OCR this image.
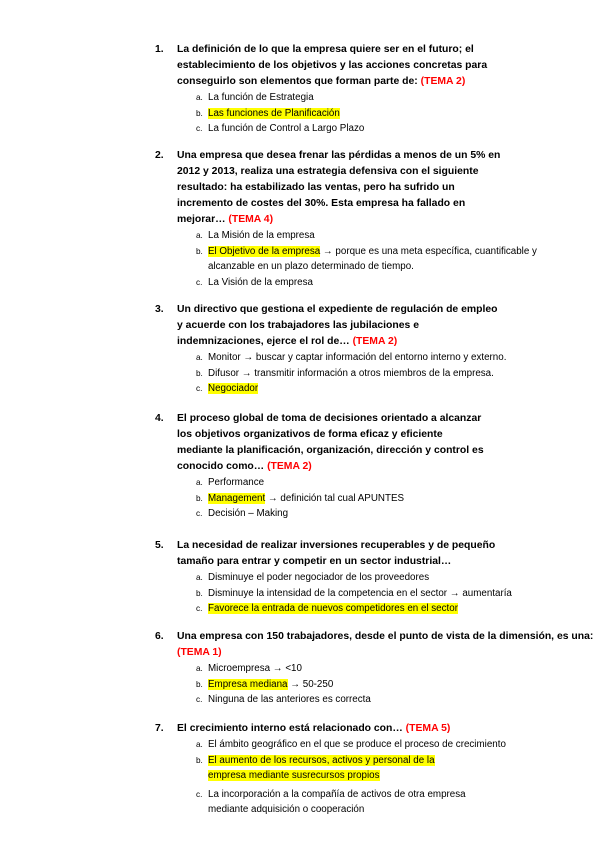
1. La definición de lo que la empresa quiere ser en el futuro; el
establecimiento de los objetivos y las acciones concretas para
conseguirlo son elementos que forman parte de: (TEMA 2)
a. La función de Estrategia
b. Las funciones de Planificación
c. La función de Control a Largo Plazo
2. Una empresa que desea frenar las pérdidas a menos de un 5% en
2012 y 2013, realiza una estrategia defensiva con el siguiente
resultado: ha estabilizado las ventas, pero ha sufrido un
incremento de costes del 30%. Esta empresa ha fallado en
mejorar… (TEMA 4)
a. La Misión de la empresa
b. El Objetivo de la empresa → porque es una meta específica, cuantificable y
alcanzable en un plazo determinado de tiempo.
c. La Visión de la empresa
3. Un directivo que gestiona el expediente de regulación de empleo
y acuerde con los trabajadores las jubilaciones e
indemnizaciones, ejerce el rol de… (TEMA 2)
a. Monitor → buscar y captar información del entorno interno y externo.
b. Difusor → transmitir información a otros miembros de la empresa.
c. Negociador
4. El proceso global de toma de decisiones orientado a alcanzar
los objetivos organizativos de forma eficaz y eficiente
mediante la planificación, organización, dirección y control es
conocido como… (TEMA 2)
a. Performance
b. Management → definición tal cual APUNTES
c. Decisión – Making
5. La necesidad de realizar inversiones recuperables y de pequeño
tamaño para entrar y competir en un sector industrial…
a. Disminuye el poder negociador de los proveedores
b. Disminuye la intensidad de la competencia en el sector → aumentaría
c. Favorece la entrada de nuevos competidores en el sector
6. Una empresa con 150 trabajadores, desde el punto de vista de la dimensión, es una:
(TEMA 1)
a. Microempresa → <10
b. Empresa mediana → 50-250
c. Ninguna de las anteriores es correcta
7. El crecimiento interno está relacionado con… (TEMA 5)
a. El ámbito geográfico en el que se produce el proceso de crecimiento
b. El aumento de los recursos, activos y personal de la
empresa mediante susrecursos propios
c. La incorporación a la compañía de activos de otra empresa
mediante adquisición o cooperación
